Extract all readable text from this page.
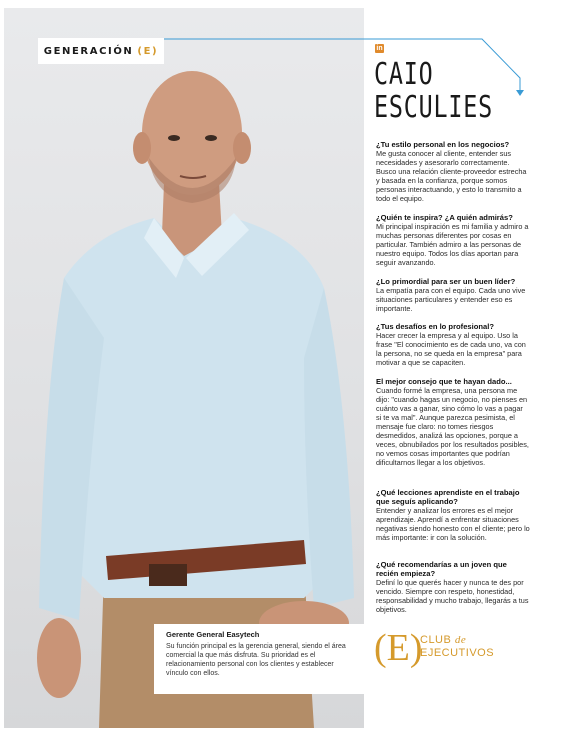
Gerente General Easytech
Su función principal es la gerencia general, siendo el área comercial la que más disfruta. Su prioridad es el relacionamiento personal con los clientes y establecer vínculo con ellos.
GENERACIÓN (E)	in
CAIO
ESCULIES
¿Tu estilo personal en los negocios?
Me gusta conocer al cliente, entender sus necesidades y asesorarlo correctamente. Busco una relación cliente-proveedor estrecha y basada en la confianza, porque somos personas interactuando, y esto lo transmito a todo el equipo.
¿Quién te inspira? ¿A quién admirás?
Mi principal inspiración es mi familia y admiro a muchas personas diferentes por cosas en particular. También admiro a las personas de nuestro equipo. Todos los días aportan para seguir avanzando.
¿Lo primordial para ser un buen líder?
La empatía para con el equipo. Cada uno vive situaciones particulares y entender eso es importante.
¿Tus desafíos en lo profesional?
Hacer crecer la empresa y al equipo. Uso la frase "El conocimiento es de cada uno, va con la persona, no se queda en la empresa" para motivar a que se capaciten.
El mejor consejo que te hayan dado...
Cuando formé la empresa, una persona me dijo: "cuando hagas un negocio, no pienses en cuánto vas a ganar, sino cómo lo vas a pagar si te va mal". Aunque parezca pesimista, el mensaje fue claro: no tomes riesgos desmedidos, analizá las opciones, porque a veces, obnubilados por los resultados posibles, no vemos cosas importantes que podrían dificultarnos llegar a los objetivos.
¿Qué lecciones aprendiste en el trabajo que seguís aplicando?
Entender y analizar los errores es el mejor aprendizaje. Aprendí a enfrentar situaciones negativas siendo honesto con el cliente; pero lo más importante: ir con la solución.
¿Qué recomendarías a un joven que recién empieza?
Definí lo que querés hacer y nunca te des por vencido. Siempre con respeto, honestidad, responsabilidad y mucho trabajo, llegarás a tus objetivos.
(E)
CLUB de
EJECUTIVOS
